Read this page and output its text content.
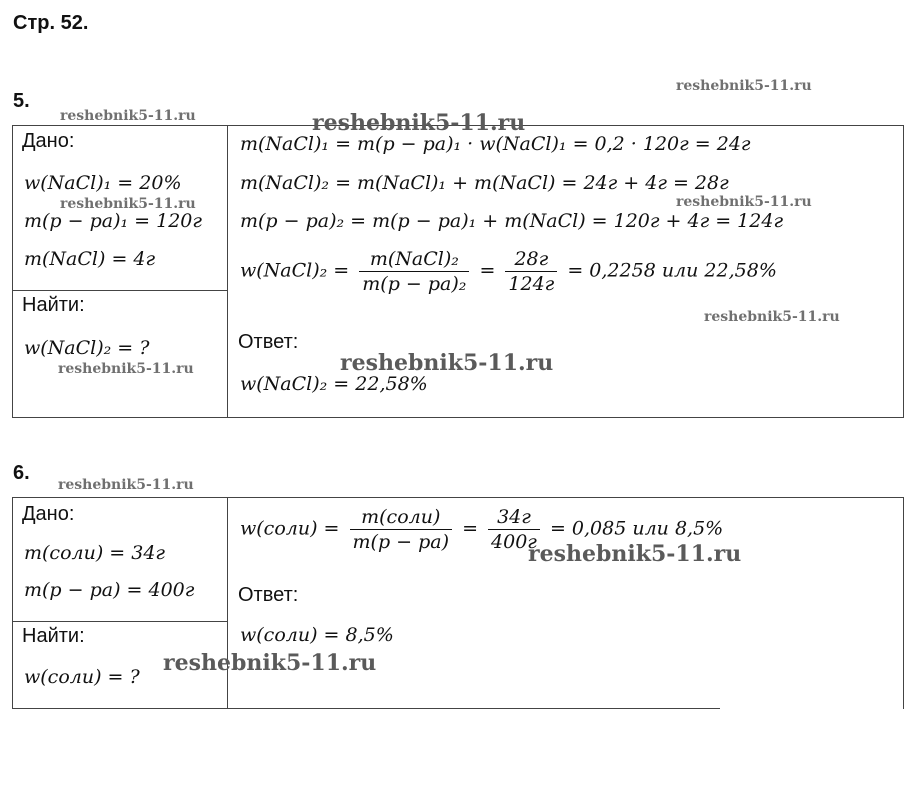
Стр. 52.
5.
Дано:
w(NaCl)₁ = 20%
m(p − pa)₁ = 120г
m(NaCl) = 4г
Найти:
w(NaCl)₂ = ?
m(NaCl)₁ = m(p − pa)₁ · w(NaCl)₁ = 0,2 · 120г = 24г
m(NaCl)₂ = m(NaCl)₁ + m(NaCl) = 24г + 4г = 28г
m(p − pa)₂ = m(p − pa)₁ + m(NaCl) = 120г + 4г = 124г
w(NaCl)₂ = $\frac{\text{m(NaCl)₂}}{\text{m(p − pa)₂}} = \frac{28г}{124г} = 0,2258$ или 22,58%
Ответ:
w(NaCl)₂ = 22,58%
6.
Дано:
m(соли) = 34г
m(p − pa) = 400г
Найти:
w(соли) = ?
w(соли) = $\frac{\text{m(соли)}}{m(p - pa)} = \frac{34г}{400г} = 0,085$ или 8,5%
Ответ:
w(соли) = 8,5%
reshebnik5-11.ru
reshebnik5-11.ru	reshebnik5-11.ru
reshebnik5-11.ru	reshebnik5-11.ru
reshebnik5-11.ru
reshebnik5-11.ru
reshebnik5-11.ru
reshebnik5-11.ru
reshebnik5-11.ru
reshebnik5-11.ru
